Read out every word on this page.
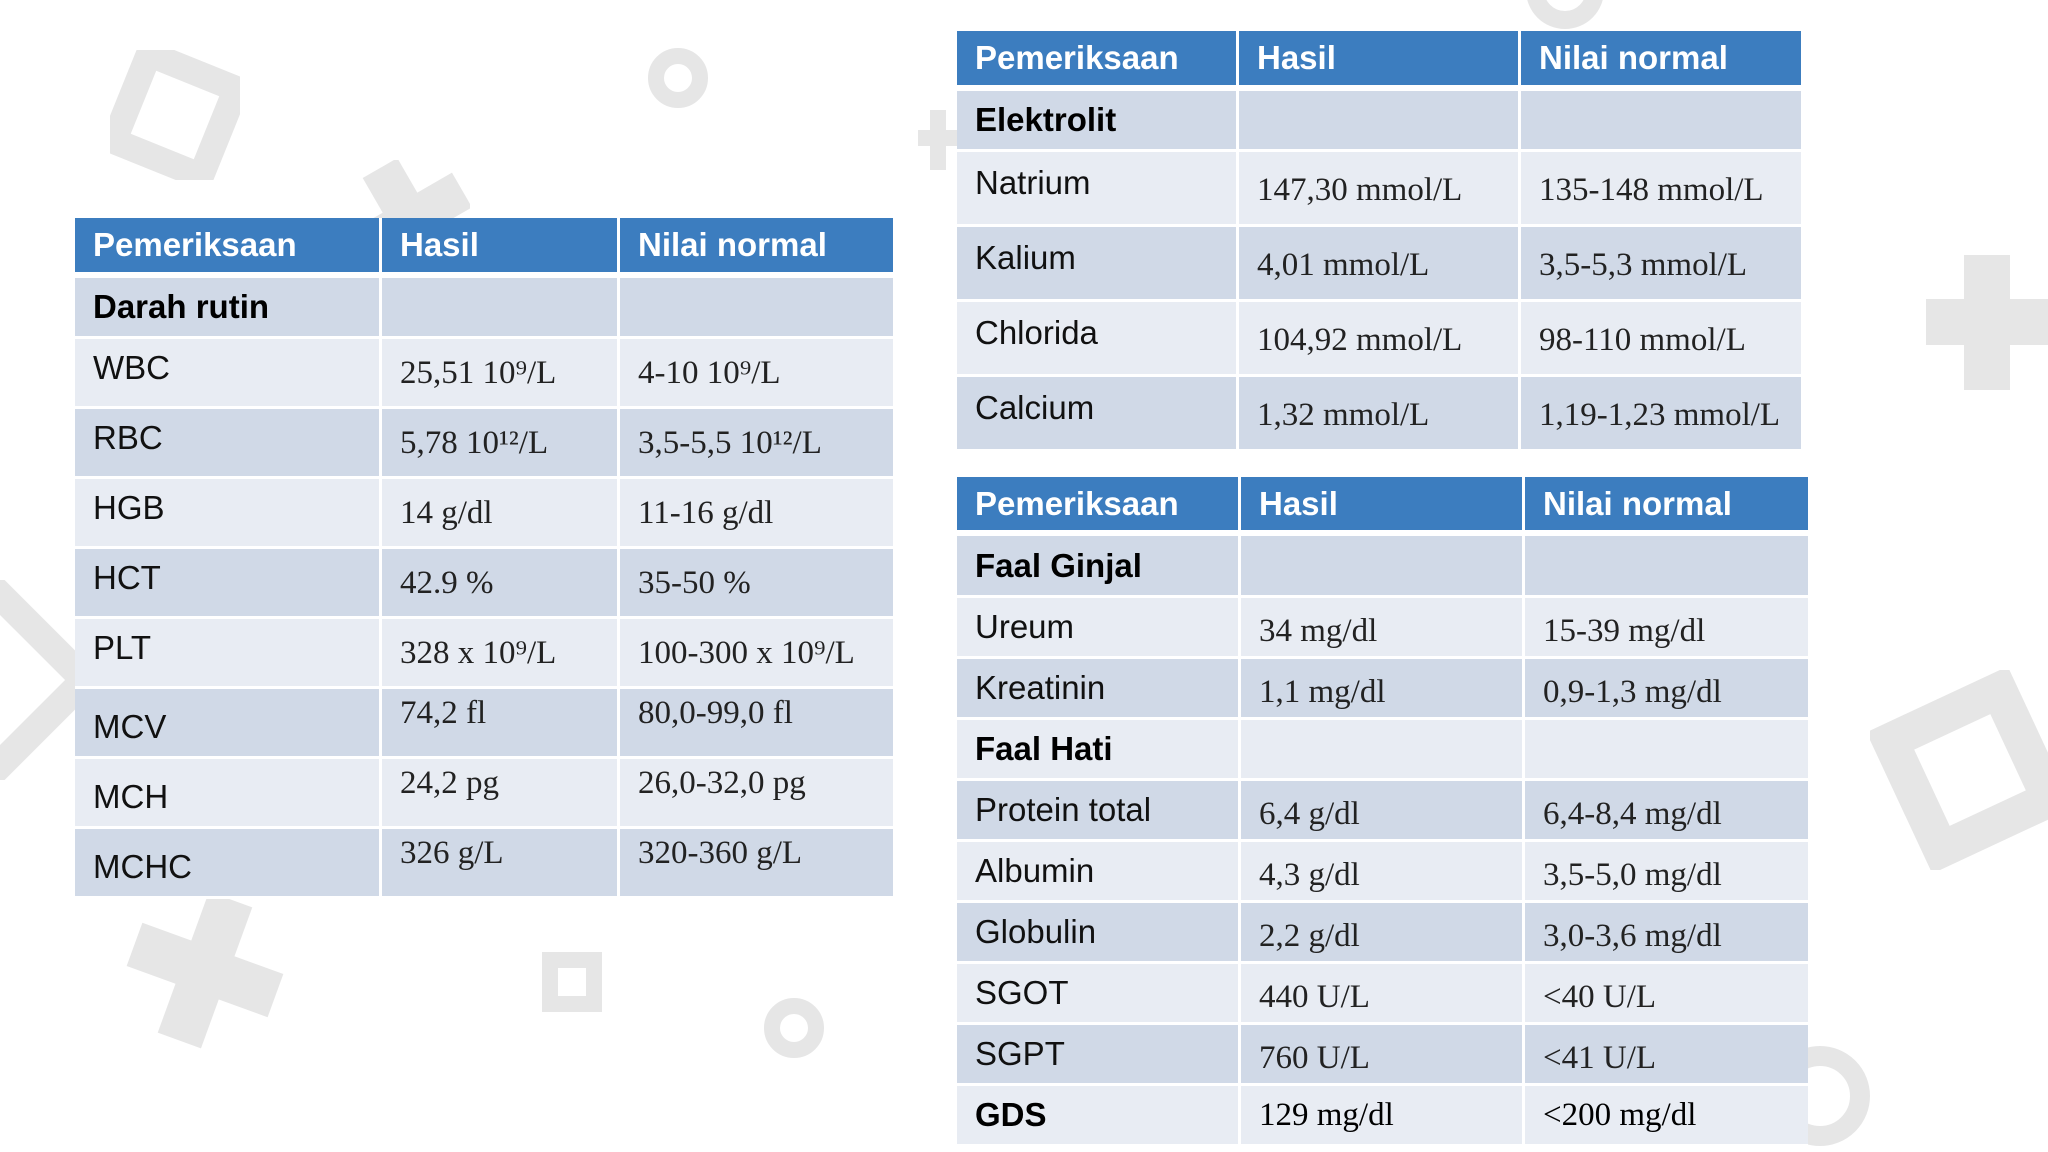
Pemeriksaan	Hasil	Nilai normal
Darah rutin		
WBC	25,51 10⁹/L	4-10 10⁹/L
RBC	5,78 10¹²/L	3,5-5,5 10¹²/L
HGB	14 g/dl	11-16 g/dl
HCT	42.9 %	35-50 %
PLT	328 x 10⁹/L	100-300 x 10⁹/L
MCV	74,2 fl	80,0-99,0 fl
MCH	24,2 pg	26,0-32,0 pg
MCHC	326 g/L	320-360 g/L
Pemeriksaan	Hasil	Nilai normal
Elektrolit		
Natrium	147,30 mmol/L	135-148 mmol/L
Kalium	4,01 mmol/L	3,5-5,3 mmol/L
Chlorida	104,92 mmol/L	98-110 mmol/L
Calcium	1,32 mmol/L	1,19-1,23 mmol/L
Pemeriksaan	Hasil	Nilai normal
Faal Ginjal		
Ureum	34 mg/dl	15-39 mg/dl
Kreatinin	1,1 mg/dl	0,9-1,3 mg/dl
Faal Hati		
Protein total	6,4 g/dl	6,4-8,4 mg/dl
Albumin	4,3 g/dl	3,5-5,0 mg/dl
Globulin	2,2 g/dl	3,0-3,6 mg/dl
SGOT	440 U/L	<40 U/L
SGPT	760 U/L	<41 U/L
GDS	129 mg/dl	<200 mg/dl
